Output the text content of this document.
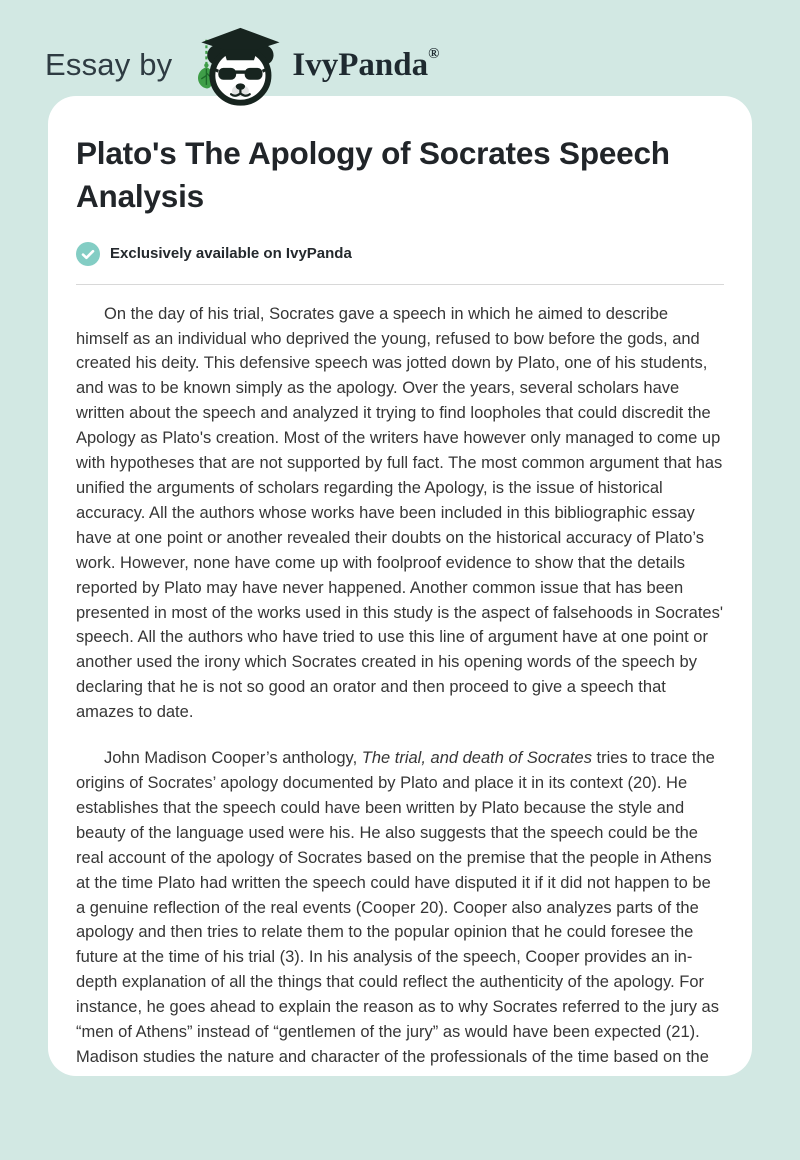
Essay by	IvyPanda ®
Plato's The Apology of Socrates Speech Analysis
Exclusively available on IvyPanda

On the day of his trial, Socrates gave a speech in which he aimed to describe himself as an individual who deprived the young, refused to bow before the gods, and created his deity. This defensive speech was jotted down by Plato, one of his students, and was to be known simply as the apology. Over the years, several scholars have written about the speech and analyzed it trying to find loopholes that could discredit the Apology as Plato's creation. Most of the writers have however only managed to come up with hypotheses that are not supported by full fact. The most common argument that has unified the arguments of scholars regarding the Apology, is the issue of historical accuracy. All the authors whose works have been included in this bibliographic essay have at one point or another revealed their doubts on the historical accuracy of Plato’s work. However, none have come up with foolproof evidence to show that the details reported by Plato may have never happened. Another common issue that has been presented in most of the works used in this study is the aspect of falsehoods in Socrates' speech. All the authors who have tried to use this line of argument have at one point or another used the irony which Socrates created in his opening words of the speech by declaring that he is not so good an orator and then proceed to give a speech that amazes to date.

John Madison Cooper’s anthology, The trial, and death of Socrates tries to trace the origins of Socrates’ apology documented by Plato and place it in its context (20). He establishes that the speech could have been written by Plato because the style and beauty of the language used were his. He also suggests that the speech could be the real account of the apology of Socrates based on the premise that the people in Athens at the time Plato had written the speech could have disputed it if it did not happen to be a genuine reflection of the real events (Cooper 20). Cooper also analyzes parts of the apology and then tries to relate them to the popular opinion that he could foresee the future at the time of his trial (3). In his analysis of the speech, Cooper provides an in-depth explanation of all the things that could reflect the authenticity of the apology. For instance, he goes ahead to explain the reason as to why Socrates referred to the jury as “men of Athens” instead of “gentlemen of the jury” as would have been expected (21). Madison studies the nature and character of the professionals of the time based on the
